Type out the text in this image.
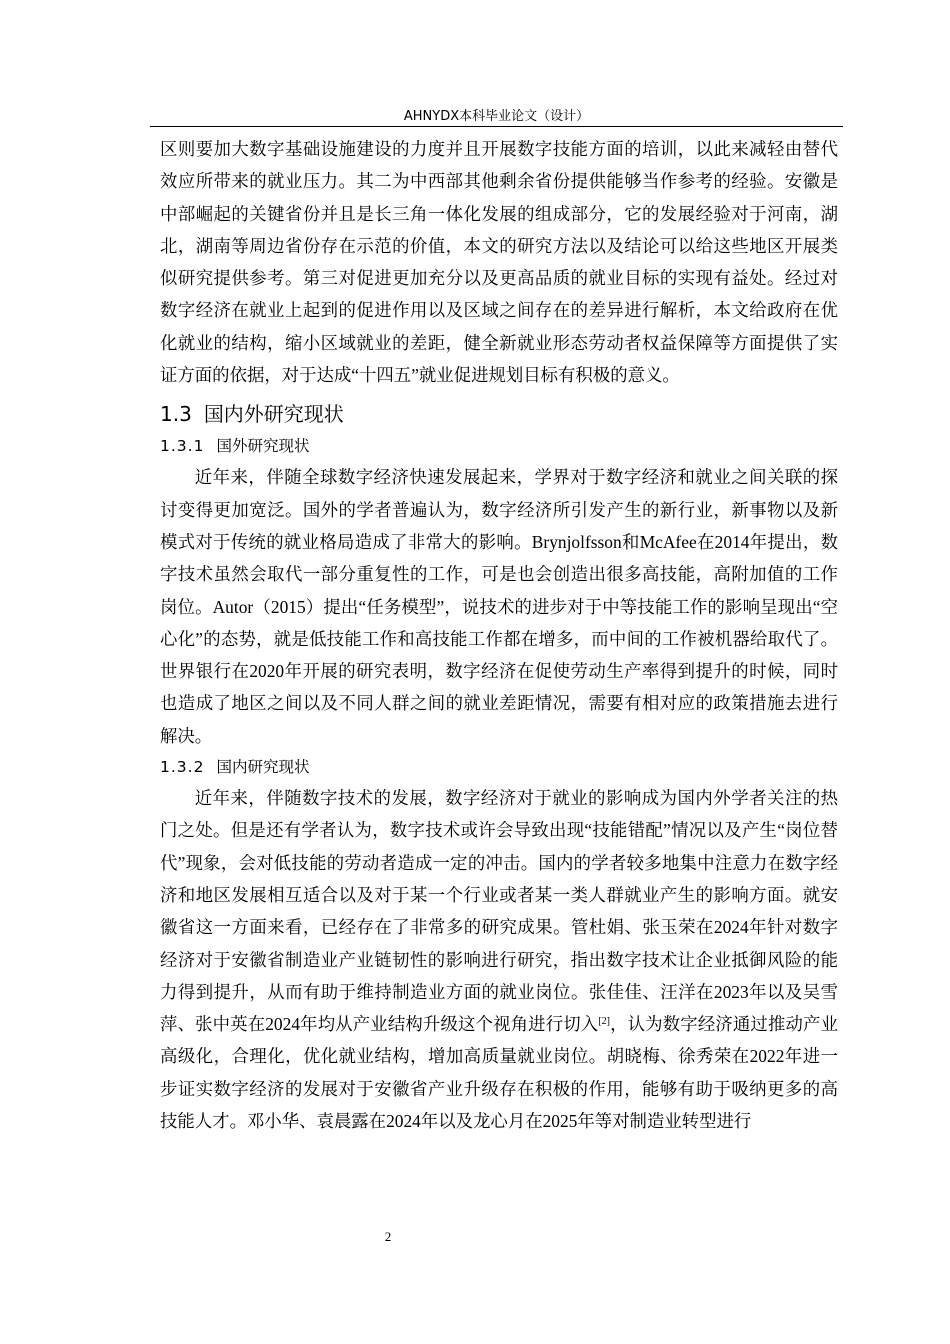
AHNYDX本科毕业论文（设计）

区则要加大数字基础设施建设的力度并且开展数字技能方面的培训，以此来减轻由替代效应所带来的就业压力。其二为中西部其他剩余省份提供能够当作参考的经验。安徽是中部崛起的关键省份并且是长三角一体化发展的组成部分，它的发展经验对于河南，湖北，湖南等周边省份存在示范的价值，本文的研究方法以及结论可以给这些地区开展类似研究提供参考。第三对促进更加充分以及更高品质的就业目标的实现有益处。经过对数字经济在就业上起到的促进作用以及区域之间存在的差异进行解析，本文给政府在优化就业的结构，缩小区域就业的差距，健全新就业形态劳动者权益保障等方面提供了实证方面的依据，对于达成“十四五”就业促进规划目标有积极的意义。

1.3 国内外研究现状
1.3.1 国外研究现状

近年来，伴随全球数字经济快速发展起来，学界对于数字经济和就业之间关联的探讨变得更加宽泛。国外的学者普遍认为，数字经济所引发产生的新行业，新事物以及新模式对于传统的就业格局造成了非常大的影响。Brynjolfsson和McAfee在2014年提出，数字技术虽然会取代一部分重复性的工作，可是也会创造出很多高技能，高附加值的工作岗位。Autor（2015）提出“任务模型”，说技术的进步对于中等技能工作的影响呈现出“空心化”的态势，就是低技能工作和高技能工作都在增多，而中间的工作被机器给取代了。世界银行在2020年开展的研究表明，数字经济在促使劳动生产率得到提升的时候，同时也造成了地区之间以及不同人群之间的就业差距情况，需要有相对应的政策措施去进行解决。

1.3.2 国内研究现状

近年来，伴随数字技术的发展，数字经济对于就业的影响成为国内外学者关注的热门之处。但是还有学者认为，数字技术或许会导致出现“技能错配”情况以及产生“岗位替代”现象，会对低技能的劳动者造成一定的冲击。国内的学者较多地集中注意力在数字经济和地区发展相互适合以及对于某一个行业或者某一类人群就业产生的影响方面。就安徽省这一方面来看，已经存在了非常多的研究成果。管杜娟、张玉荣在2024年针对数字经济对于安徽省制造业产业链韧性的影响进行研究，指出数字技术让企业抵御风险的能力得到提升，从而有助于维持制造业方面的就业岗位。张佳佳、汪洋在2023年以及吴雪萍、张中英在2024年均从产业结构升级这个视角进行切入[2]，认为数字经济通过推动产业高级化，合理化，优化就业结构，增加高质量就业岗位。胡晓梅、徐秀荣在2022年进一步证实数字经济的发展对于安徽省产业升级存在积极的作用，能够有助于吸纳更多的高技能人才。邓小华、袁晨露在2024年以及龙心月在2025年等对制造业转型进行

2
